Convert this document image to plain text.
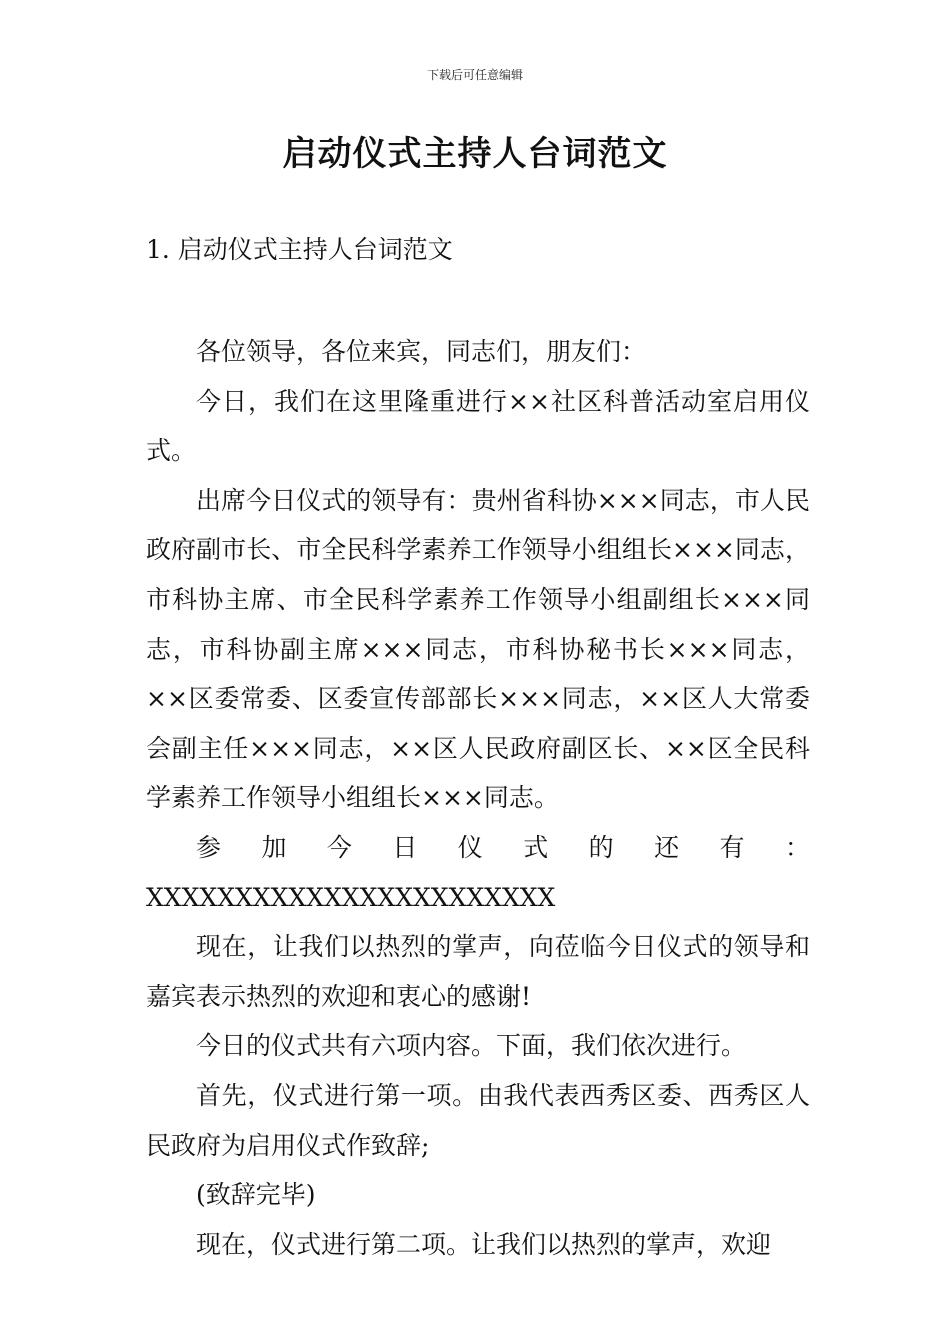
下载后可任意编辑
启动仪式主持人台词范文
1. 启动仪式主持人台词范文

各位领导，各位来宾，同志们，朋友们：

今日，我们在这里隆重进行××社区科普活动室启用仪式。

出席今日仪式的领导有：贵州省科协×××同志，市人民政府副市长、市全民科学素养工作领导小组组长×××同志，市科协主席、市全民科学素养工作领导小组副组长×××同志，市科协副主席×××同志，市科协秘书长×××同志，××区委常委、区委宣传部部长×××同志，××区人大常委会副主任×××同志，××区人民政府副区长、××区全民科学素养工作领导小组组长×××同志。

参加今日仪式的还有：XXXXXXXXXXXXXXXXXXXXXXX

现在，让我们以热烈的掌声，向莅临今日仪式的领导和嘉宾表示热烈的欢迎和衷心的感谢!

今日的仪式共有六项内容。下面，我们依次进行。

首先，仪式进行第一项。由我代表西秀区委、西秀区人民政府为启用仪式作致辞;

(致辞完毕)

现在，仪式进行第二项。让我们以热烈的掌声，欢迎
